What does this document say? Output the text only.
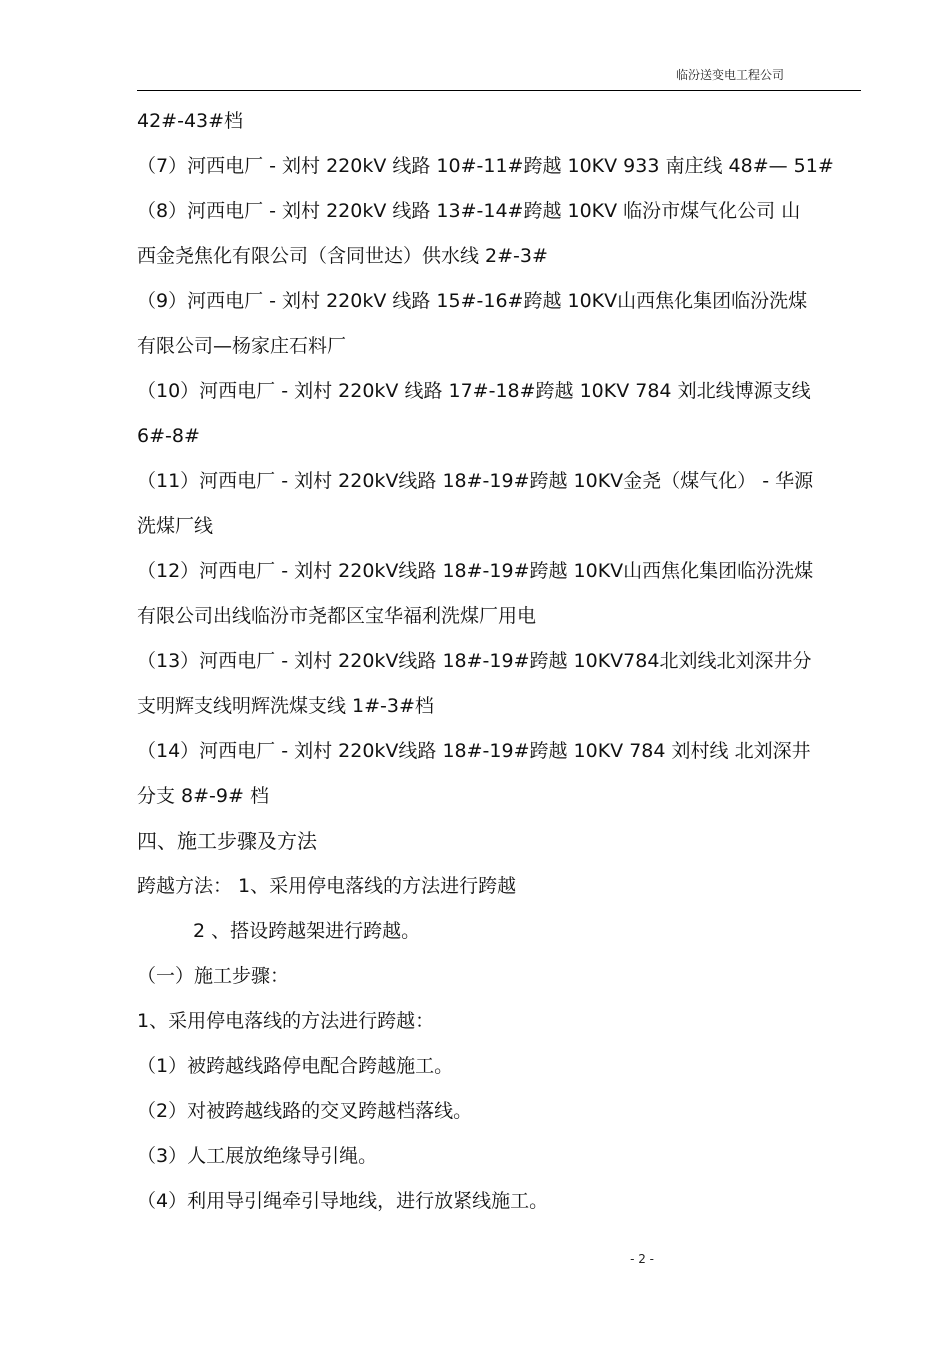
临汾送变电工程公司
42#-43#档
（7）河西电厂 - 刘村 220kV 线路 10#-11#跨越 10KV 933 南庄线 48#— 51#
（8）河西电厂 - 刘村 220kV 线路 13#-14#跨越 10KV 临汾市煤气化公司 山
西金尧焦化有限公司（含同世达）供水线 2#-3#
（9）河西电厂 - 刘村 220kV 线路 15#-16#跨越 10KV山西焦化集团临汾洗煤
有限公司—杨家庄石料厂
（10）河西电厂 - 刘村 220kV 线路 17#-18#跨越 10KV 784 刘北线博源支线
6#-8#
（11）河西电厂 - 刘村 220kV线路 18#-19#跨越 10KV金尧（煤气化） - 华源
洗煤厂线
（12）河西电厂 - 刘村 220kV线路 18#-19#跨越 10KV山西焦化集团临汾洗煤
有限公司出线临汾市尧都区宝华福利洗煤厂用电
（13）河西电厂 - 刘村 220kV线路 18#-19#跨越 10KV784北刘线北刘深井分
支明辉支线明辉洗煤支线 1#-3#档
（14）河西电厂 - 刘村 220kV线路 18#-19#跨越 10KV 784 刘村线 北刘深井
分支 8#-9# 档
四、施工步骤及方法
跨越方法： 1、采用停电落线的方法进行跨越
2 、搭设跨越架进行跨越。
（一）施工步骤：
1、采用停电落线的方法进行跨越：
（1）被跨越线路停电配合跨越施工。
（2）对被跨越线路的交叉跨越档落线。
（3）人工展放绝缘导引绳。
（4）利用导引绳牵引导地线，进行放紧线施工。
- 2 -
